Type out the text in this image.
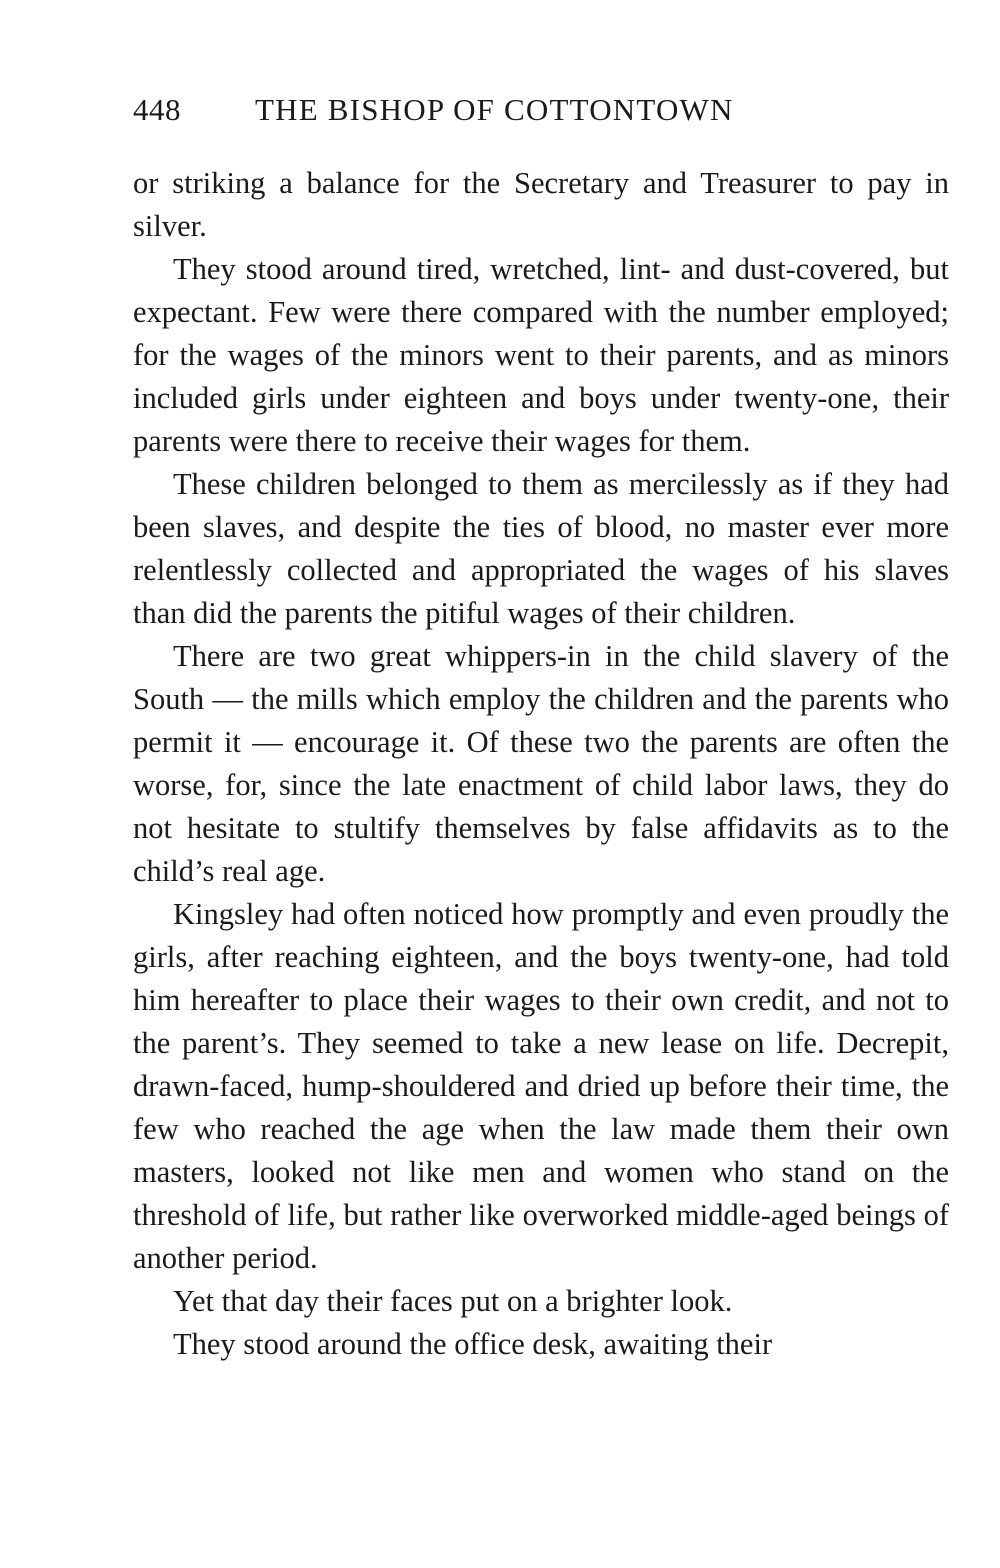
448	THE BISHOP OF COTTONTOWN

or striking a balance for the Secretary and Treasurer to pay in silver.

They stood around tired, wretched, lint- and dust-covered, but expectant. Few were there compared with the number employed; for the wages of the minors went to their parents, and as minors included girls under eighteen and boys under twenty-one, their parents were there to receive their wages for them.

These children belonged to them as mercilessly as if they had been slaves, and despite the ties of blood, no master ever more relentlessly collected and appropriated the wages of his slaves than did the parents the pitiful wages of their children.

There are two great whippers-in in the child slavery of the South — the mills which employ the children and the parents who permit it — encourage it. Of these two the parents are often the worse, for, since the late enactment of child labor laws, they do not hesitate to stultify themselves by false affidavits as to the child’s real age.

Kingsley had often noticed how promptly and even proudly the girls, after reaching eighteen, and the boys twenty-one, had told him hereafter to place their wages to their own credit, and not to the parent’s. They seemed to take a new lease on life. Decrepit, drawn-faced, hump-shouldered and dried up before their time, the few who reached the age when the law made them their own masters, looked not like men and women who stand on the threshold of life, but rather like overworked middle-aged beings of another period.

Yet that day their faces put on a brighter look.

They stood around the office desk, awaiting their
